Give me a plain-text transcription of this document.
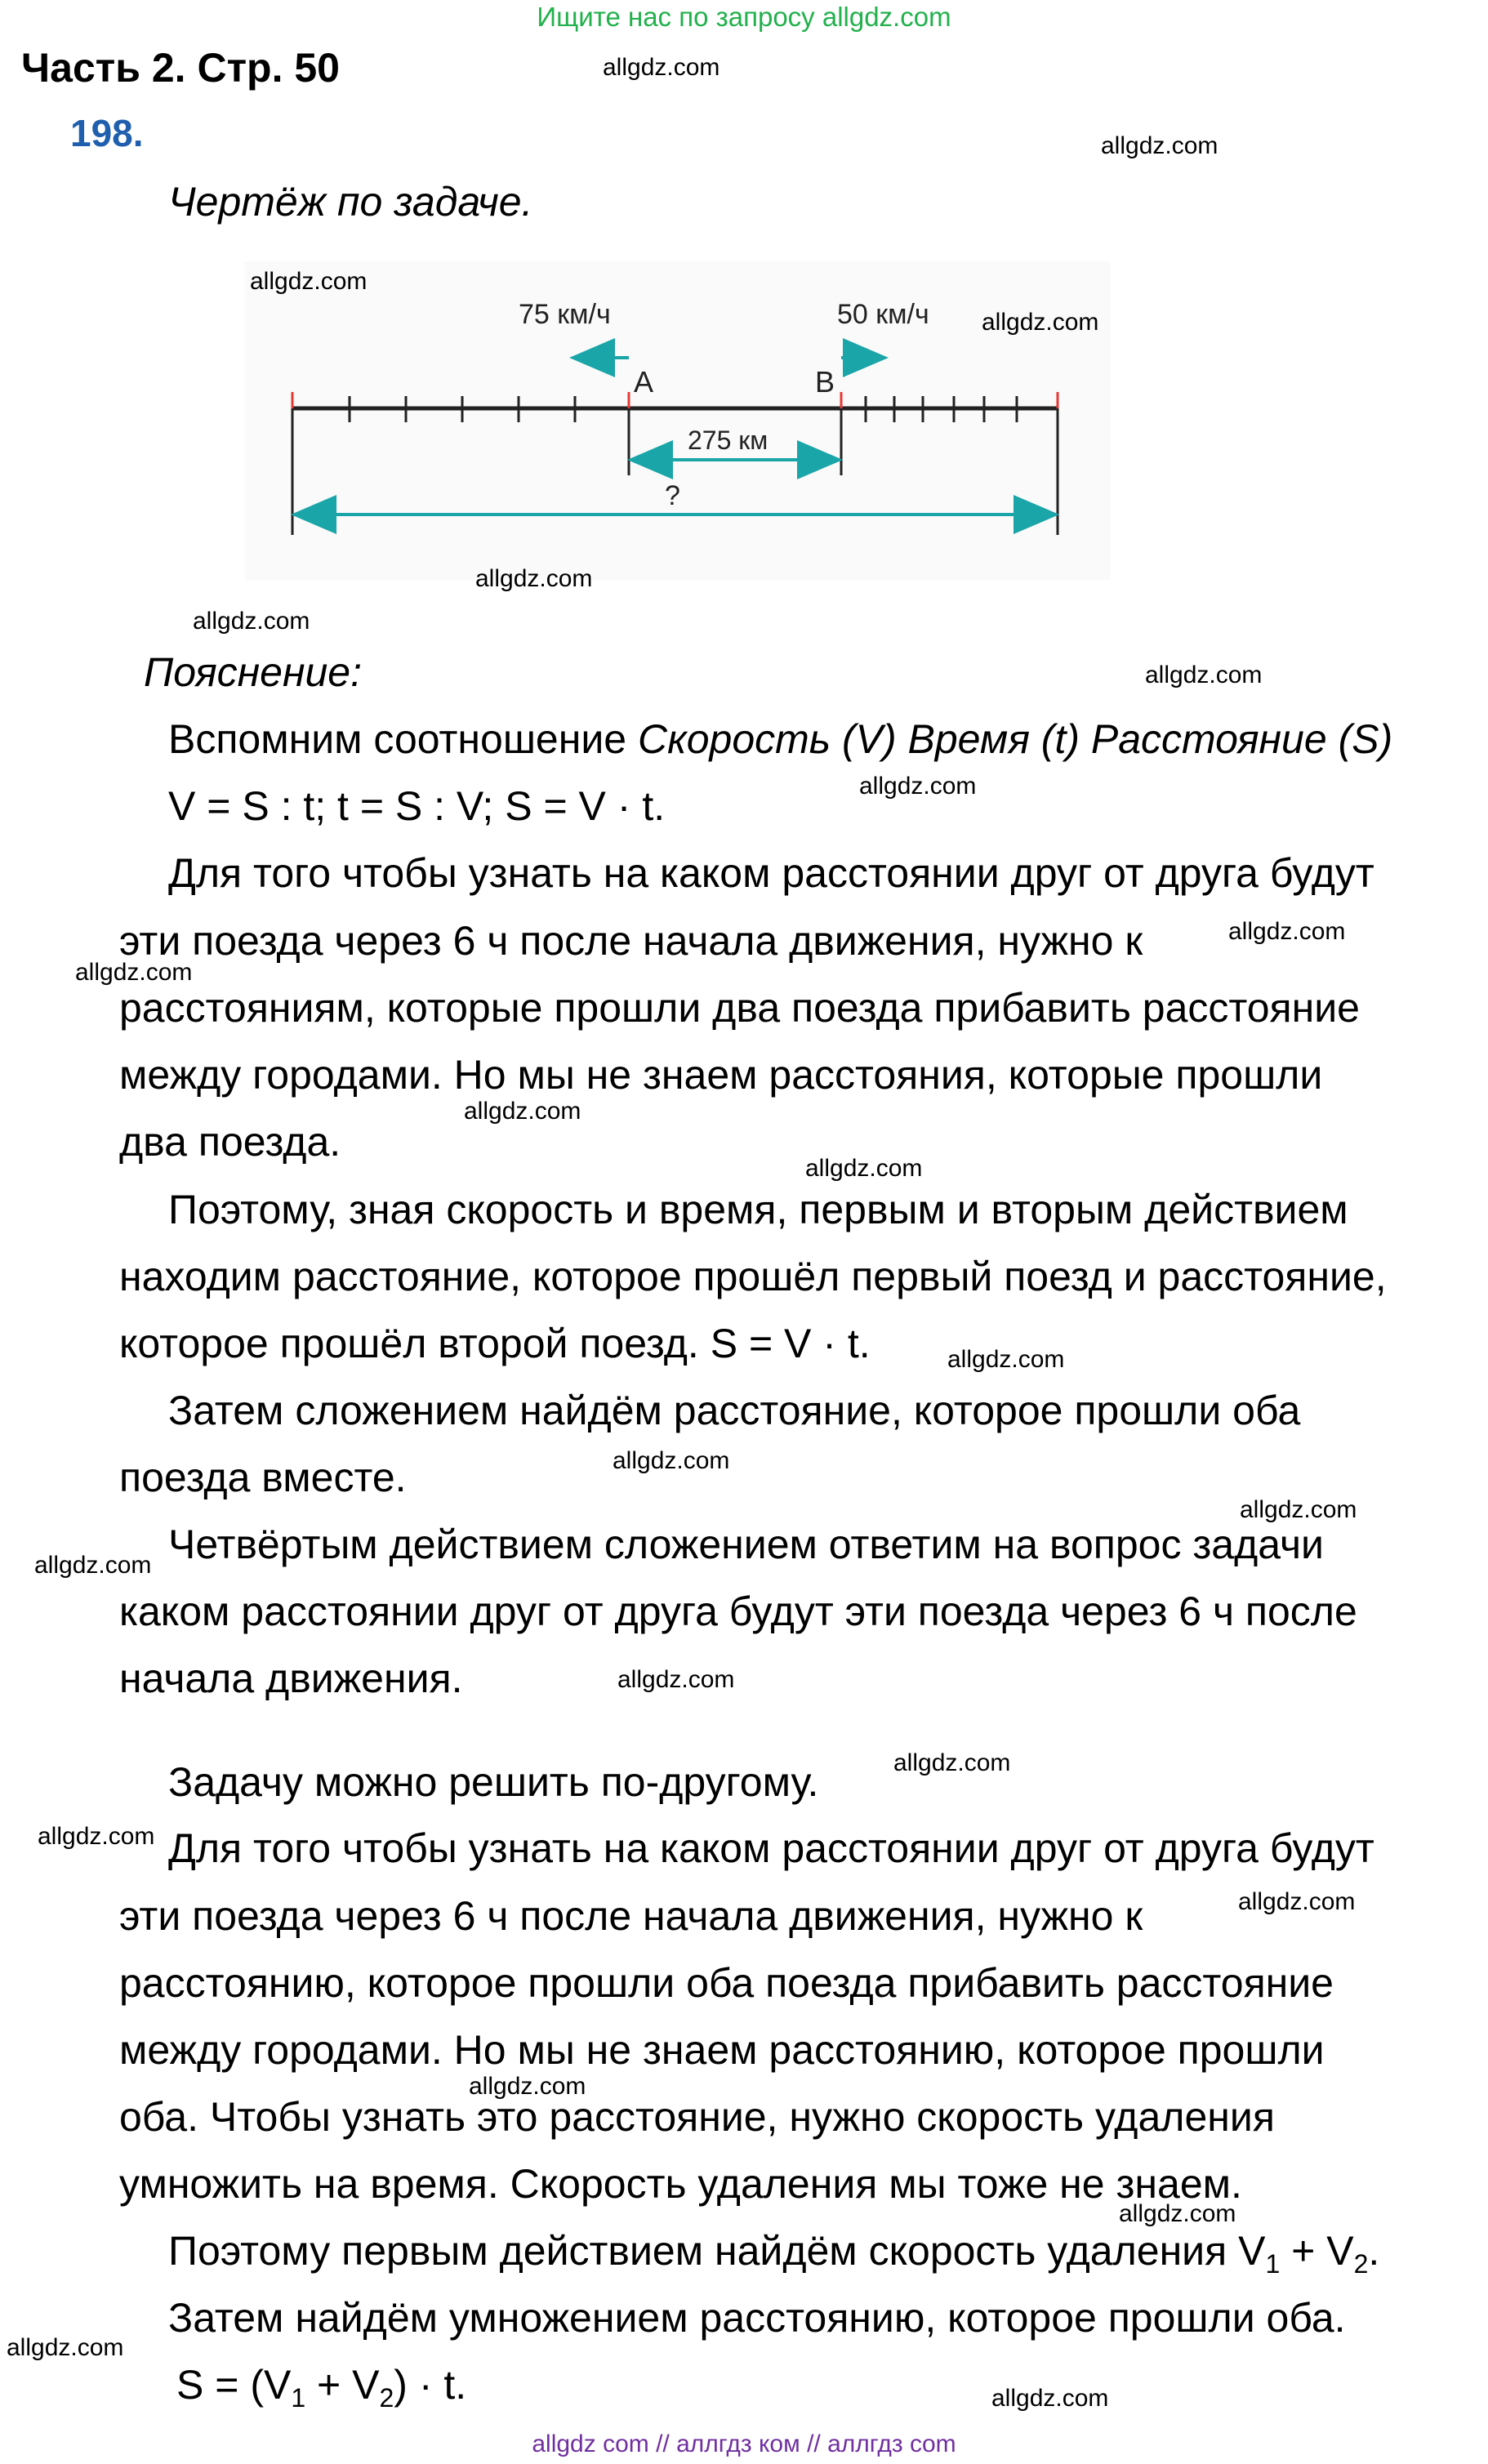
Ищите нас по запросу allgdz.com
Часть 2. Стр. 50
198.
Чертёж по задаче.
75 км/ч	50 км/ч
A	B
275 км
?
Пояснение:
Вспомним соотношение Скорость (V) Время (t) Расстояние (S)
V = S : t; t = S : V; S = V · t.
Для того чтобы узнать на каком расстоянии друг от друга будут
эти поезда через 6 ч после начала движения, нужно к
расстояниям, которые прошли два поезда прибавить расстояние
между городами. Но мы не знаем расстояния, которые прошли
два поезда.
Поэтому, зная скорость и время, первым и вторым действием
находим расстояние, которое прошёл первый поезд и расстояние,
которое прошёл второй поезд. S = V · t.
Затем сложением найдём расстояние, которое прошли оба
поезда вместе.
Четвёртым действием сложением ответим на вопрос задачи
каком расстоянии друг от друга будут эти поезда через 6 ч после
начала движения.
Задачу можно решить по-другому.
Для того чтобы узнать на каком расстоянии друг от друга будут
эти поезда через 6 ч после начала движения, нужно к
расстоянию, которое прошли оба поезда прибавить расстояние
между городами. Но мы не знаем расстоянию, которое прошли
оба. Чтобы узнать это расстояние, нужно скорость удаления
умножить на время. Скорость удаления мы тоже не знаем.
Поэтому первым действием найдём скорость удаления $V_1 + V_2$.
Затем найдём умножением расстоянию, которое прошли оба.
$S = (V_1 + V_2) \cdot t$.
allgdz.com
allgdz.com
allgdz.com
allgdz.com
allgdz.com
allgdz.com
allgdz.com
allgdz.com
allgdz.com
allgdz.com
allgdz.com
allgdz.com
allgdz.com
allgdz.com
allgdz.com
allgdz.com
allgdz.com
allgdz.com
allgdz.com
allgdz.com
allgdz.com
allgdz.com
allgdz.com
allgdz.com
allgdz com // аллгдз ком // аллгдз com
